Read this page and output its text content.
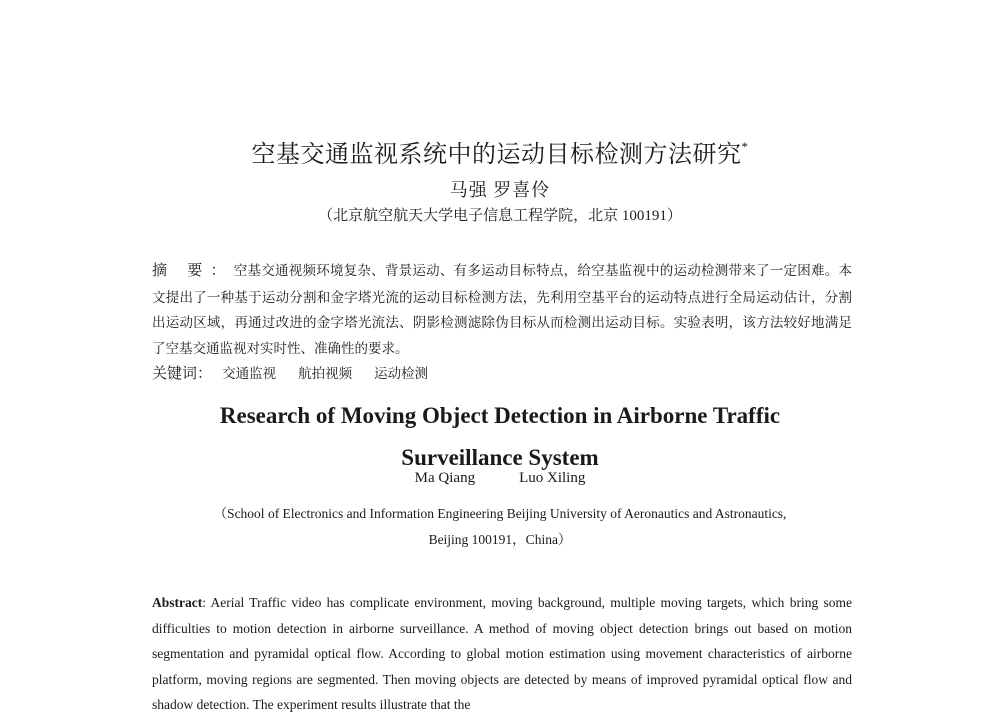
空基交通监视系统中的运动目标检测方法研究*
马强 罗喜伶
（北京航空航天大学电子信息工程学院，北京 100191）
摘 要：空基交通视频环境复杂、背景运动、有多运动目标特点，给空基监视中的运动检测带来了一定困难。本文提出了一种基于运动分割和金字塔光流的运动目标检测方法，先利用空基平台的运动特点进行全局运动估计，分割出运动区域，再通过改进的金字塔光流法、阴影检测滤除伪目标从而检测出运动目标。实验表明，该方法较好地满足了空基交通监视对实时性、准确性的要求。
关键词： 交通监视 航拍视频 运动检测
Research of Moving Object Detection in Airborne Traffic
Surveillance System
Ma Qiang	Luo Xiling
（School of Electronics and Information Engineering Beijing University of Aeronautics and Astronautics,
Beijing 100191，China）
Abstract: Aerial Traffic video has complicate environment, moving background, multiple moving targets, which bring some difficulties to motion detection in airborne surveillance. A method of moving object detection brings out based on motion segmentation and pyramidal optical flow. According to global motion estimation using movement characteristics of airborne platform, moving regions are segmented. Then moving objects are detected by means of improved pyramidal optical flow and shadow detection. The experiment results illustrate that the
